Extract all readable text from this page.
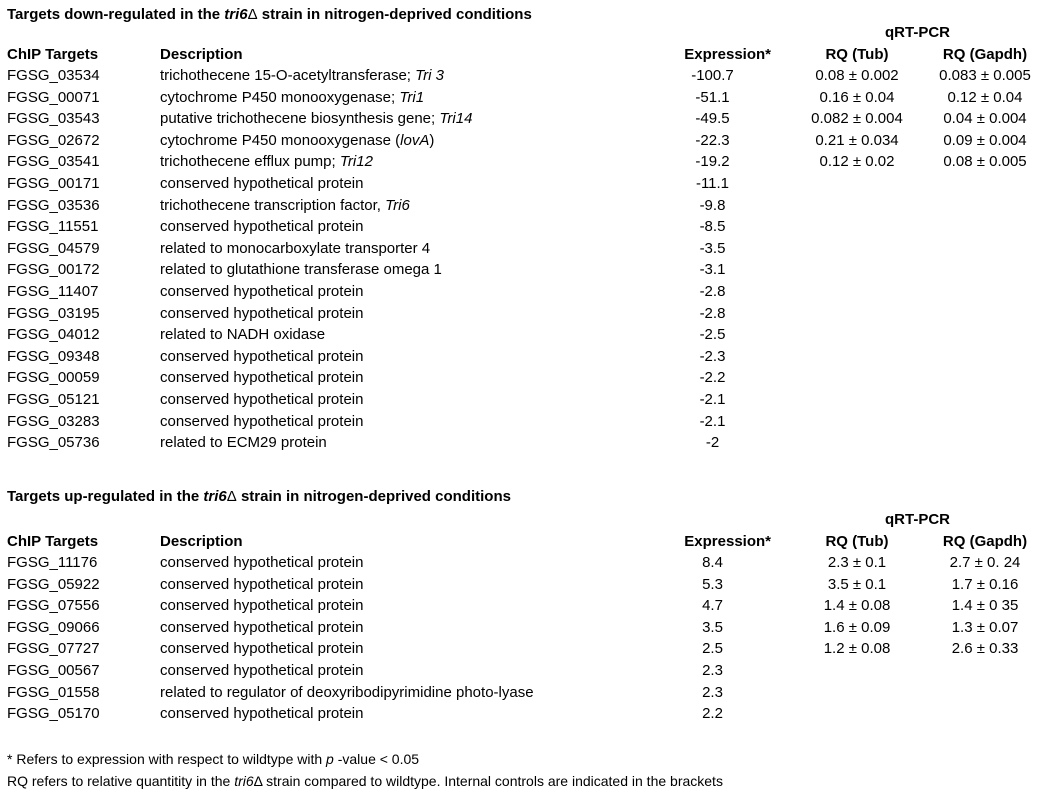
Targets down-regulated in the tri6Δ strain in nitrogen-deprived conditions
qRT-PCR
ChIP Targets	Description	Expression*	RQ (Tub)	RQ (Gapdh)
FGSG_03534	trichothecene 15-O-acetyltransferase; Tri 3	-100.7	0.08 ± 0.002	0.083 ± 0.005
FGSG_00071	cytochrome P450 monooxygenase; Tri1	-51.1	0.16 ± 0.04	0.12 ± 0.04
FGSG_03543	putative trichothecene biosynthesis gene; Tri14	-49.5	0.082 ± 0.004	0.04 ± 0.004
FGSG_02672	cytochrome P450 monooxygenase (lovA)	-22.3	0.21 ± 0.034	0.09 ± 0.004
FGSG_03541	trichothecene efflux pump; Tri12	-19.2	0.12 ± 0.02	0.08 ± 0.005
FGSG_00171	conserved hypothetical protein	-11.1
FGSG_03536	trichothecene transcription factor, Tri6	-9.8
FGSG_11551	conserved hypothetical protein	-8.5
FGSG_04579	related to monocarboxylate transporter 4	-3.5
FGSG_00172	related to glutathione transferase omega 1	-3.1
FGSG_11407	conserved hypothetical protein	-2.8
FGSG_03195	conserved hypothetical protein	-2.8
FGSG_04012	related to NADH oxidase	-2.5
FGSG_09348	conserved hypothetical protein	-2.3
FGSG_00059	conserved hypothetical protein	-2.2
FGSG_05121	conserved hypothetical protein	-2.1
FGSG_03283	conserved hypothetical protein	-2.1
FGSG_05736	related to ECM29 protein	-2
Targets up-regulated in the tri6Δ strain in nitrogen-deprived conditions
qRT-PCR
ChIP Targets	Description	Expression*	RQ (Tub)	RQ (Gapdh)
FGSG_11176	conserved hypothetical protein	8.4	2.3 ± 0.1	2.7 ± 0. 24
FGSG_05922	conserved hypothetical protein	5.3	3.5 ± 0.1	1.7 ± 0.16
FGSG_07556	conserved hypothetical protein	4.7	1.4 ± 0.08	1.4 ± 0 35
FGSG_09066	conserved hypothetical protein	3.5	1.6 ± 0.09	1.3 ± 0.07
FGSG_07727	conserved hypothetical protein	2.5	1.2 ± 0.08	2.6 ± 0.33
FGSG_00567	conserved hypothetical protein	2.3
FGSG_01558	related to regulator of deoxyribodipyrimidine photo-lyase	2.3
FGSG_05170	conserved hypothetical protein	2.2
* Refers to expression with respect to wildtype with p -value < 0.05
RQ refers to relative quantitity in the tri6Δ strain compared to wildtype. Internal controls are indicated in the brackets
